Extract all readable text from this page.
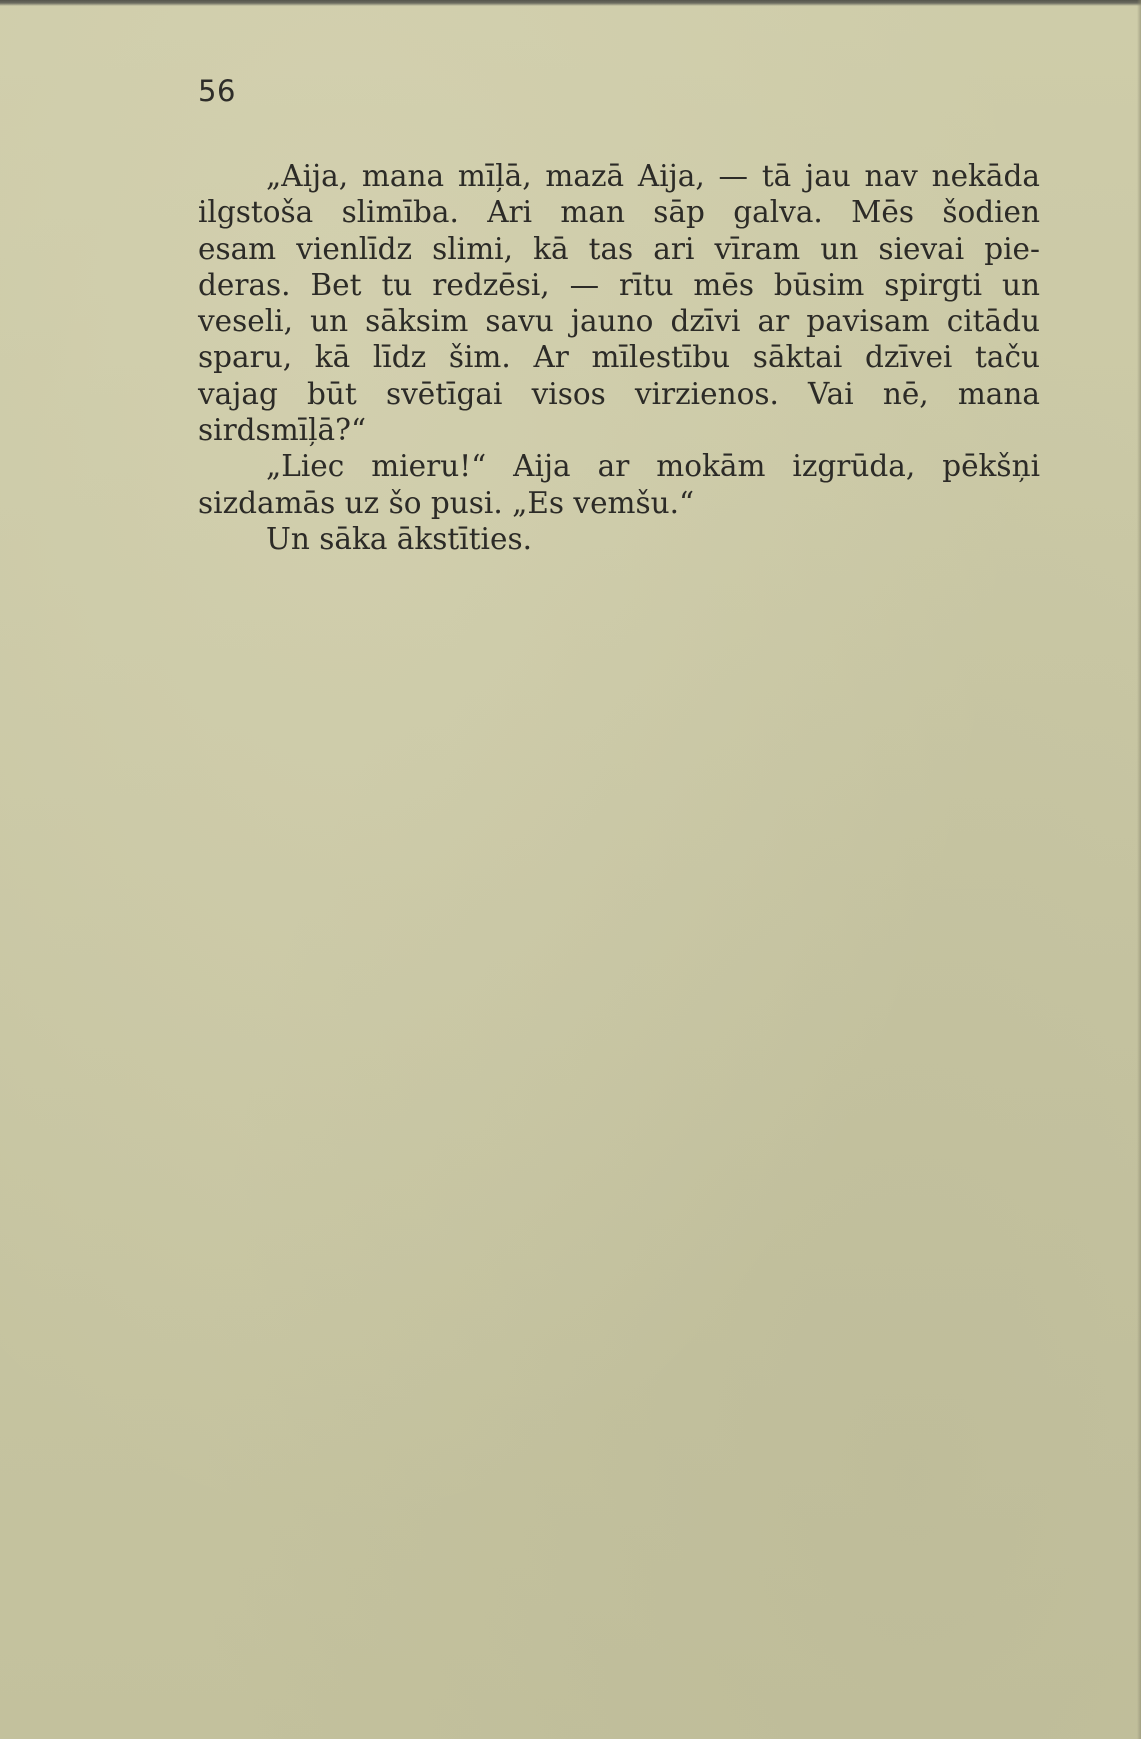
56
„Aija, mana mīļā, mazā Aija, — tā jau nav nekāda
ilgstoša slimība. Ari man sāp galva. Mēs šodien
esam vienlīdz slimi, kā tas ari vīram un sievai pie-
deras. Bet tu redzēsi, — rītu mēs būsim spirgti un
veseli, un sāksim savu jauno dzīvi ar pavisam citādu
sparu, kā līdz šim. Ar mīlestību sāktai dzīvei taču
vajag būt svētīgai visos virzienos. Vai nē, mana
sirdsmīļā?“
„Liec mieru!“ Aija ar mokām izgrūda, pēkšņi
sizdamās uz šo pusi. „Es vemšu.“
Un sāka ākstīties.
